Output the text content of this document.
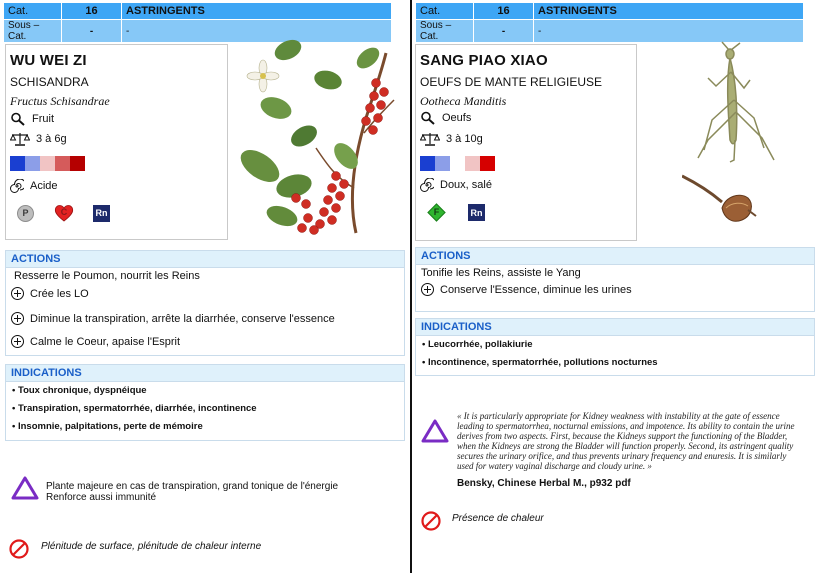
Cat.	16	ASTRINGENTS
Sous – Cat.	-	-
WU WEI ZI
SCHISANDRA
Fructus Schisandrae
Fruit
3 à 6g
Acide
P	C	Rn
ACTIONS
Resserre le Poumon, nourrit les Reins
Crée les LO
Diminue la transpiration, arrête la diarrhée, conserve l'essence
Calme le Coeur, apaise l'Esprit
INDICATIONS
• Toux chronique, dyspnéique
• Transpiration, spermatorrhée, diarrhée, incontinence
• Insomnie, palpitations, perte de mémoire
Plante majeure en cas de transpiration, grand tonique de l'énergie
Renforce aussi immunité
Plénitude de surface, plénitude de chaleur interne
Cat.	16	ASTRINGENTS
Sous – Cat.	-	-
SANG PIAO XIAO
OEUFS DE MANTE RELIGIEUSE
Ootheca Manditis
Oeufs
3 à 10g
Doux, salé
F	Rn
ACTIONS
Tonifie les Reins, assiste le Yang
Conserve l'Essence, diminue les urines
INDICATIONS
• Leucorrhée, pollakiurie
• Incontinence, spermatorrhée, pollutions nocturnes
« It is particularly appropriate for Kidney weakness with instability at the gate of essence leading to spermatorrhea, nocturnal emissions, and impotence. Its ability to contain the urine derives from two aspects. First, because the Kidneys support the functioning of the Bladder, when the Kidneys are strong the Bladder will function properly. Second, its astringent quality secures the urinary orifice, and thus prevents urinary frequency and enuresis. It is similarly used for watery vaginal discharge and cloudy urine. »
Bensky, Chinese Herbal M., p932 pdf
Présence de chaleur
